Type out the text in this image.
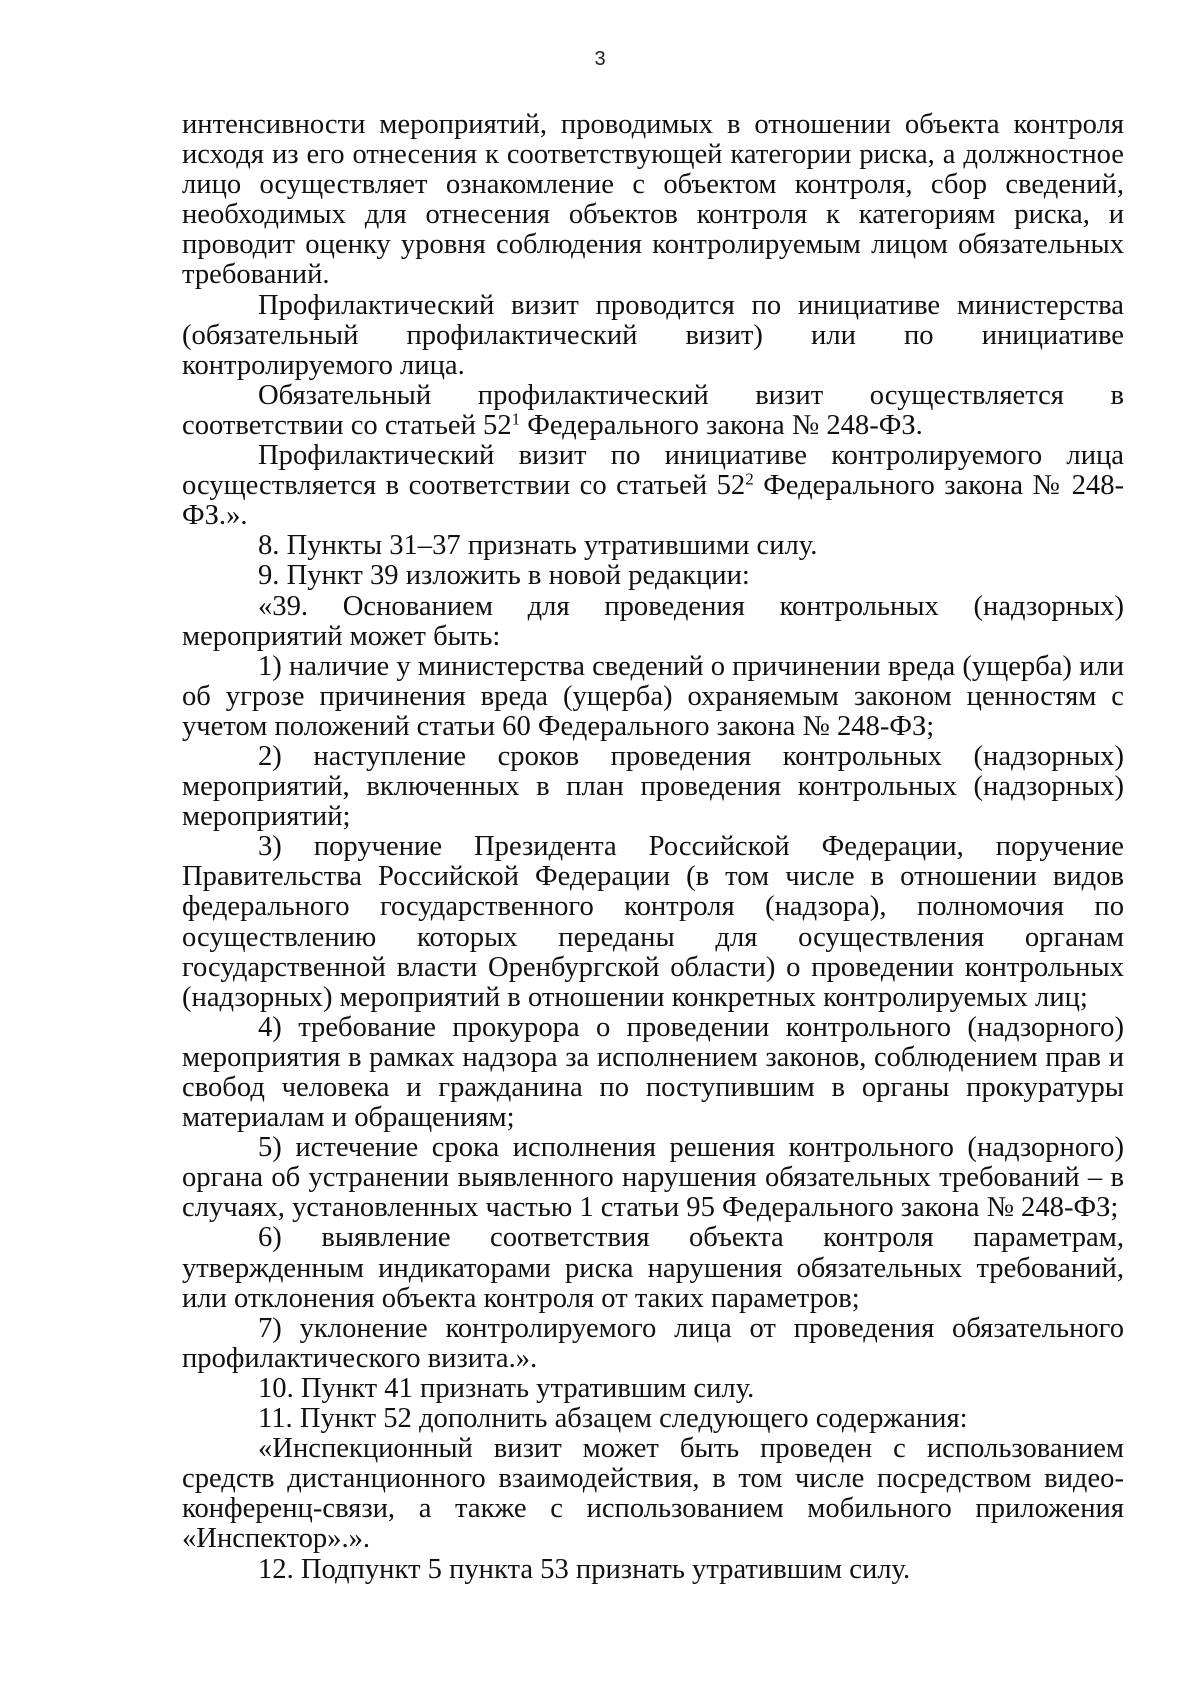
3

интенсивности мероприятий, проводимых в отношении объекта контроля исходя из его отнесения к соответствующей категории риска, а должностное лицо осуществляет ознакомление с объектом контроля, сбор сведений, необходимых для отнесения объектов контроля к категориям риска, и проводит оценку уровня соблюдения контролируемым лицом обязательных требований.

Профилактический визит проводится по инициативе министерства (обязательный профилактический визит) или по инициативе контролируемого лица.

Обязательный профилактический визит осуществляется в соответствии со статьей $52^1$ Федерального закона № 248-ФЗ.

Профилактический визит по инициативе контролируемого лица осуществляется в соответствии со статьей $52^2$ Федерального закона № 248-ФЗ.».

8. Пункты 31–37 признать утратившими силу.

9. Пункт 39 изложить в новой редакции:

«39. Основанием для проведения контрольных (надзорных) мероприятий может быть:

1) наличие у министерства сведений о причинении вреда (ущерба) или об угрозе причинения вреда (ущерба) охраняемым законом ценностям с учетом положений статьи 60 Федерального закона № 248-ФЗ;

2) наступление сроков проведения контрольных (надзорных) мероприятий, включенных в план проведения контрольных (надзорных) мероприятий;

3) поручение Президента Российской Федерации, поручение Правительства Российской Федерации (в том числе в отношении видов федерального государственного контроля (надзора), полномочия по осуществлению которых переданы для осуществления органам государственной власти Оренбургской области) о проведении контрольных (надзорных) мероприятий в отношении конкретных контролируемых лиц;

4) требование прокурора о проведении контрольного (надзорного) мероприятия в рамках надзора за исполнением законов, соблюдением прав и свобод человека и гражданина по поступившим в органы прокуратуры материалам и обращениям;

5) истечение срока исполнения решения контрольного (надзорного) органа об устранении выявленного нарушения обязательных требований – в случаях, установленных частью 1 статьи 95 Федерального закона № 248-ФЗ;

6) выявление соответствия объекта контроля параметрам, утвержденным индикаторами риска нарушения обязательных требований, или отклонения объекта контроля от таких параметров;

7) уклонение контролируемого лица от проведения обязательного профилактического визита.».

10. Пункт 41 признать утратившим силу.

11. Пункт 52 дополнить абзацем следующего содержания:

«Инспекционный визит может быть проведен с использованием средств дистанционного взаимодействия, в том числе посредством видео-конференц-связи, а также с использованием мобильного приложения «Инспектор».».

12. Подпункт 5 пункта 53 признать утратившим силу.
